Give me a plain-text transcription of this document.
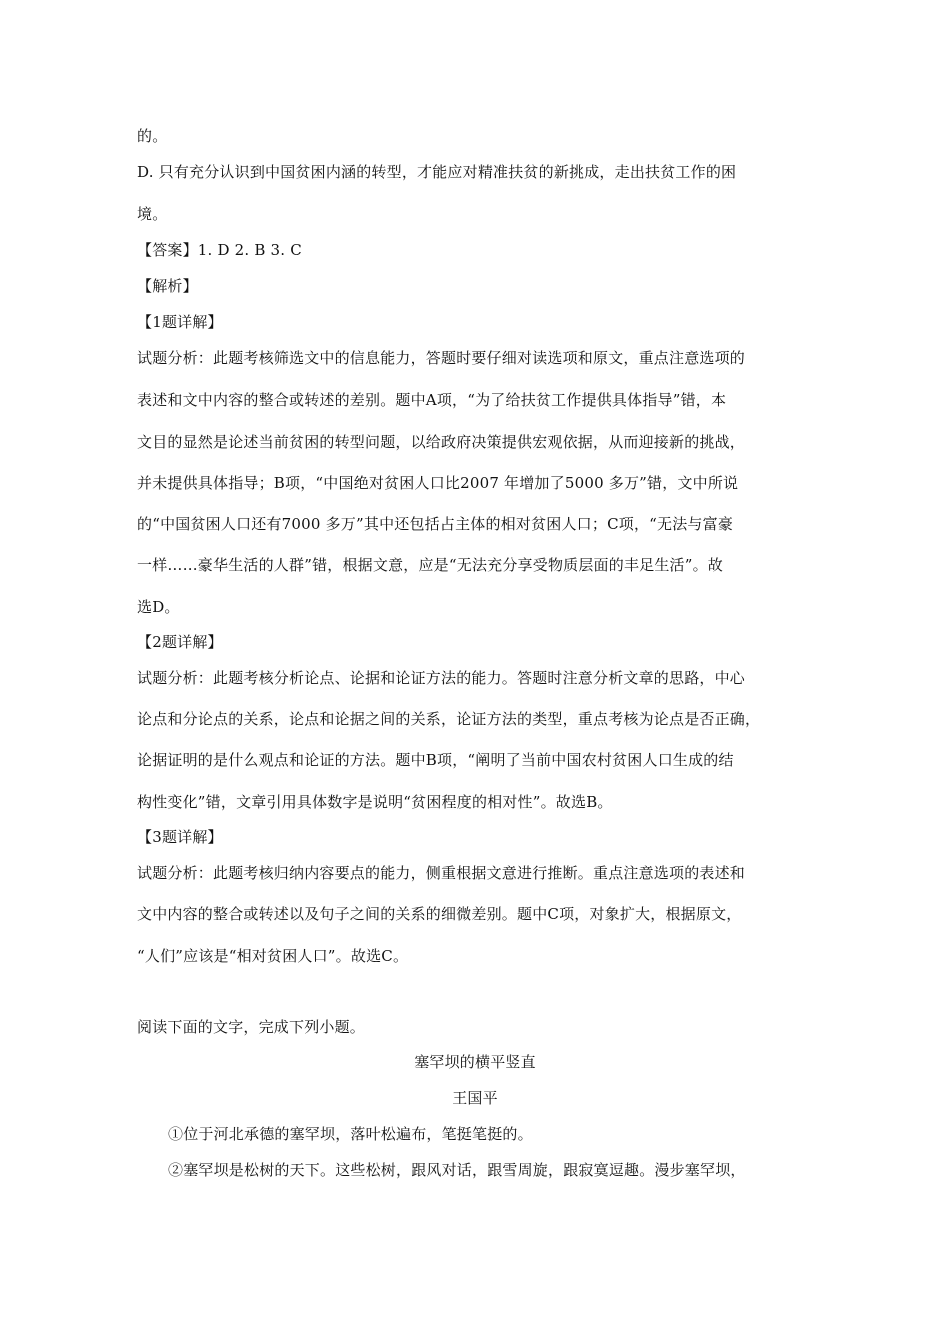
的。
D. 只有充分认识到中国贫困内涵的转型，才能应对精准扶贫的新挑成，走出扶贫工作的困
境。
【答案】1. D 2. B 3. C
【解析】
【1题详解】
试题分析：此题考核筛选文中的信息能力，答题时要仔细对读选项和原文，重点注意选项的
表述和文中内容的整合或转述的差别。题中A项，“为了给扶贫工作提供具体指导”错，本
文目的显然是论述当前贫困的转型问题，以给政府决策提供宏观依据，从而迎接新的挑战，
并未提供具体指导；B项，“中国绝对贫困人口比2007 年增加了5000 多万”错，文中所说
的“中国贫困人口还有7000 多万”其中还包括占主体的相对贫困人口；C项，“无法与富豪
一样……豪华生活的人群”错，根据文意，应是“无法充分享受物质层面的丰足生活”。故
选D。
【2题详解】
试题分析：此题考核分析论点、论据和论证方法的能力。答题时注意分析文章的思路，中心
论点和分论点的关系，论点和论据之间的关系，论证方法的类型，重点考核为论点是否正确，
论据证明的是什么观点和论证的方法。题中B项，“阐明了当前中国农村贫困人口生成的结
构性变化”错，文章引用具体数字是说明“贫困程度的相对性”。故选B。
【3题详解】
试题分析：此题考核归纳内容要点的能力，侧重根据文意进行推断。重点注意选项的表述和
文中内容的整合或转述以及句子之间的关系的细微差别。题中C项，对象扩大，根据原文，
“人们”应该是“相对贫困人口”。故选C。
阅读下面的文字，完成下列小题。
塞罕坝的横平竖直
王国平
①位于河北承德的塞罕坝，落叶松遍布，笔挺笔挺的。
②塞罕坝是松树的天下。这些松树，跟风对话，跟雪周旋，跟寂寞逗趣。漫步塞罕坝，
